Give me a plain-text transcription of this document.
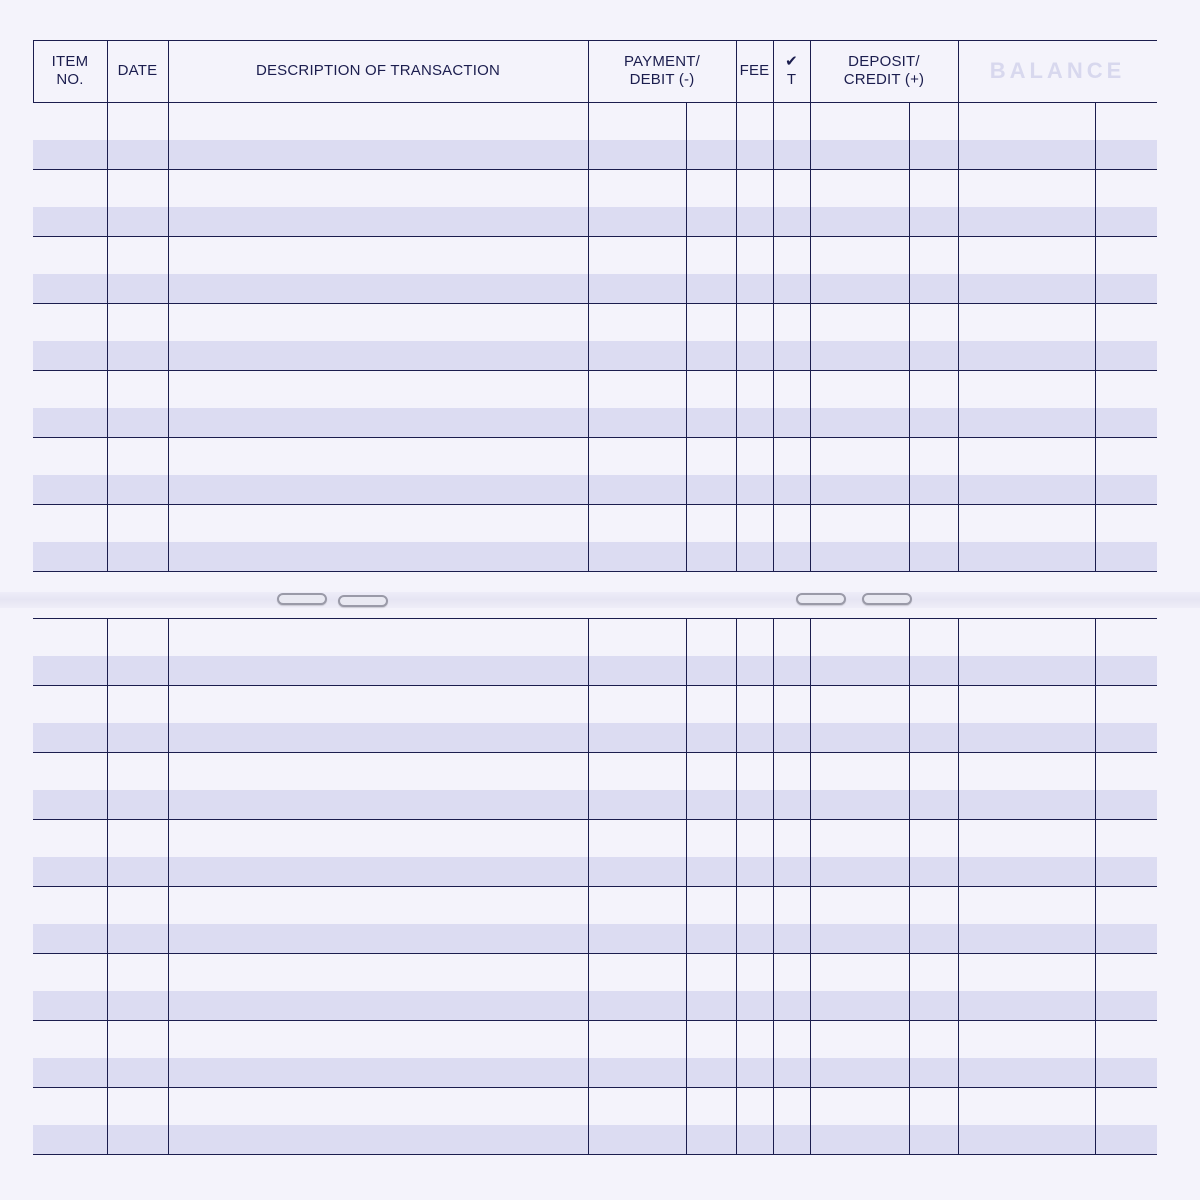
ITEM
NO.
DATE	DESCRIPTION OF TRANSACTION
PAYMENT/
DEBIT (-)
FEE
✔
T
DEPOSIT/
CREDIT (+)	BALANCE
